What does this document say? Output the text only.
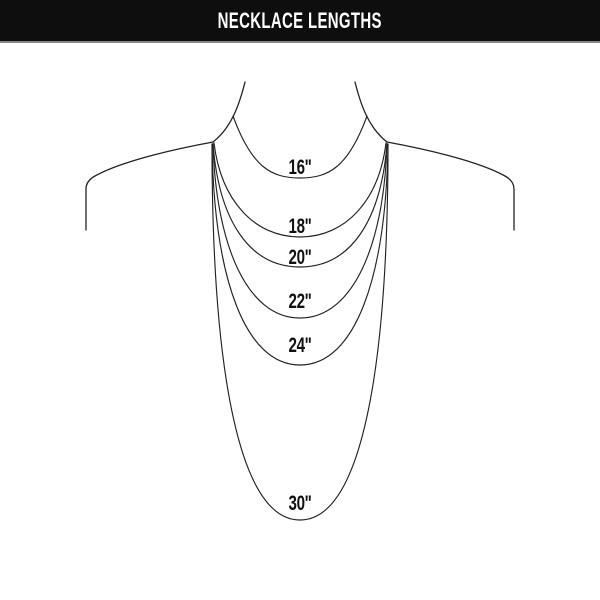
16"
18"
20"
22"
24"
30"
NECKLACE LENGTHS
